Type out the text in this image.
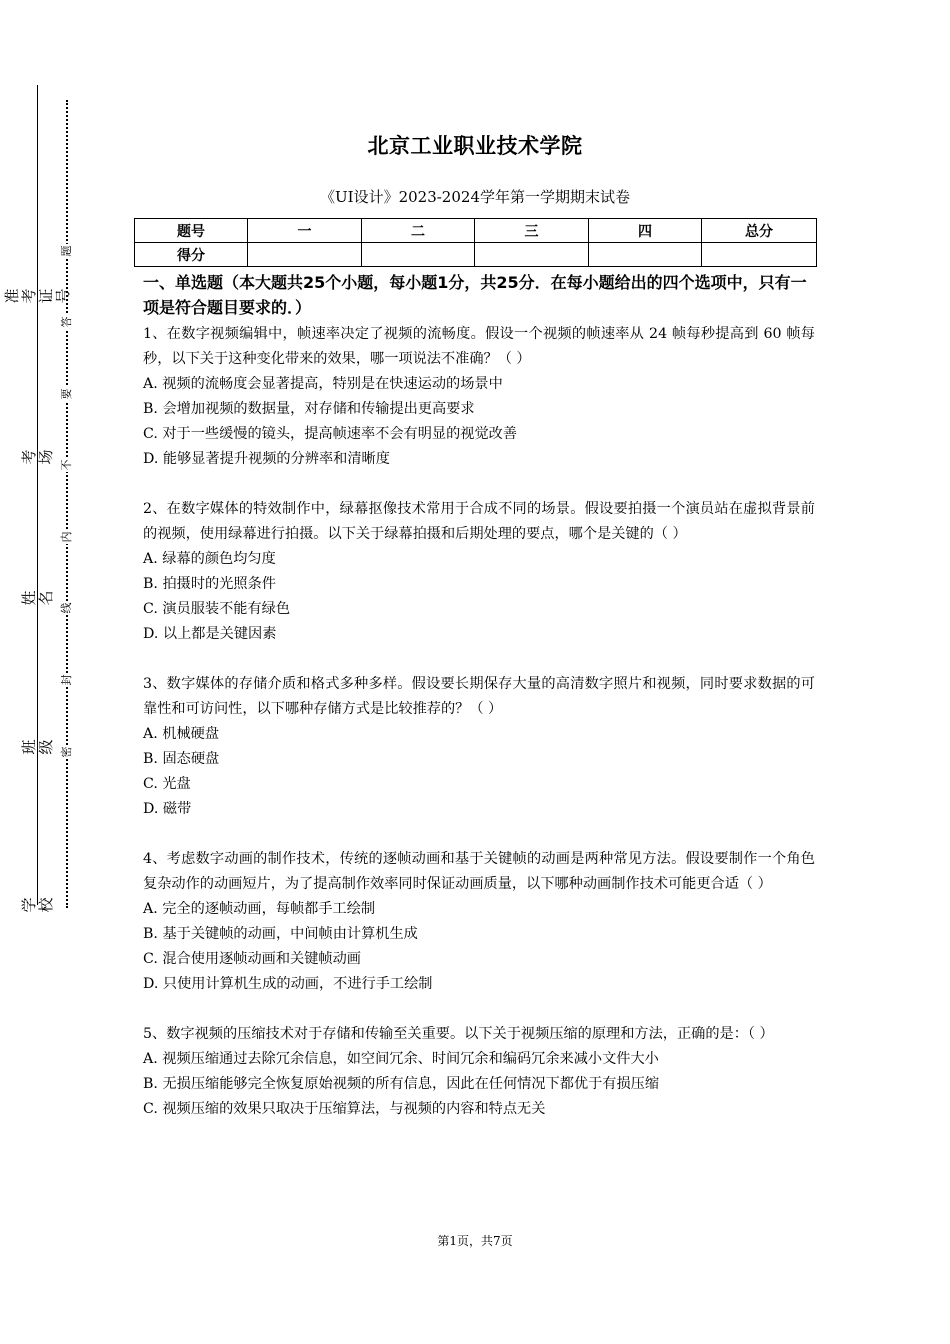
准考证号
考场
姓名
班级
学校
题
答
要
不
内
线
封
密
北京工业职业技术学院
《UI设计》2023-2024学年第一学期期末试卷
题号	一	二	三	四	总分
得分					
一、单选题（本大题共25个小题，每小题1分，共25分．在每小题给出的四个选项中，只有一项是符合题目要求的．）
1、在数字视频编辑中，帧速率决定了视频的流畅度。假设一个视频的帧速率从 24 帧每秒提高到 60 帧每秒，以下关于这种变化带来的效果，哪一项说法不准确？（ ）
A. 视频的流畅度会显著提高，特别是在快速运动的场景中
B. 会增加视频的数据量，对存储和传输提出更高要求
C. 对于一些缓慢的镜头，提高帧速率不会有明显的视觉改善
D. 能够显著提升视频的分辨率和清晰度
2、在数字媒体的特效制作中，绿幕抠像技术常用于合成不同的场景。假设要拍摄一个演员站在虚拟背景前的视频，使用绿幕进行拍摄。以下关于绿幕拍摄和后期处理的要点，哪个是关键的（ ）
A. 绿幕的颜色均匀度
B. 拍摄时的光照条件
C. 演员服装不能有绿色
D. 以上都是关键因素
3、数字媒体的存储介质和格式多种多样。假设要长期保存大量的高清数字照片和视频，同时要求数据的可靠性和可访问性，以下哪种存储方式是比较推荐的？（ ）
A. 机械硬盘
B. 固态硬盘
C. 光盘
D. 磁带
4、考虑数字动画的制作技术，传统的逐帧动画和基于关键帧的动画是两种常见方法。假设要制作一个角色复杂动作的动画短片，为了提高制作效率同时保证动画质量，以下哪种动画制作技术可能更合适（ ）
A. 完全的逐帧动画，每帧都手工绘制
B. 基于关键帧的动画，中间帧由计算机生成
C. 混合使用逐帧动画和关键帧动画
D. 只使用计算机生成的动画，不进行手工绘制
5、数字视频的压缩技术对于存储和传输至关重要。以下关于视频压缩的原理和方法，正确的是：（ ）
A. 视频压缩通过去除冗余信息，如空间冗余、时间冗余和编码冗余来减小文件大小
B. 无损压缩能够完全恢复原始视频的所有信息，因此在任何情况下都优于有损压缩
C. 视频压缩的效果只取决于压缩算法，与视频的内容和特点无关
第1页，共7页
